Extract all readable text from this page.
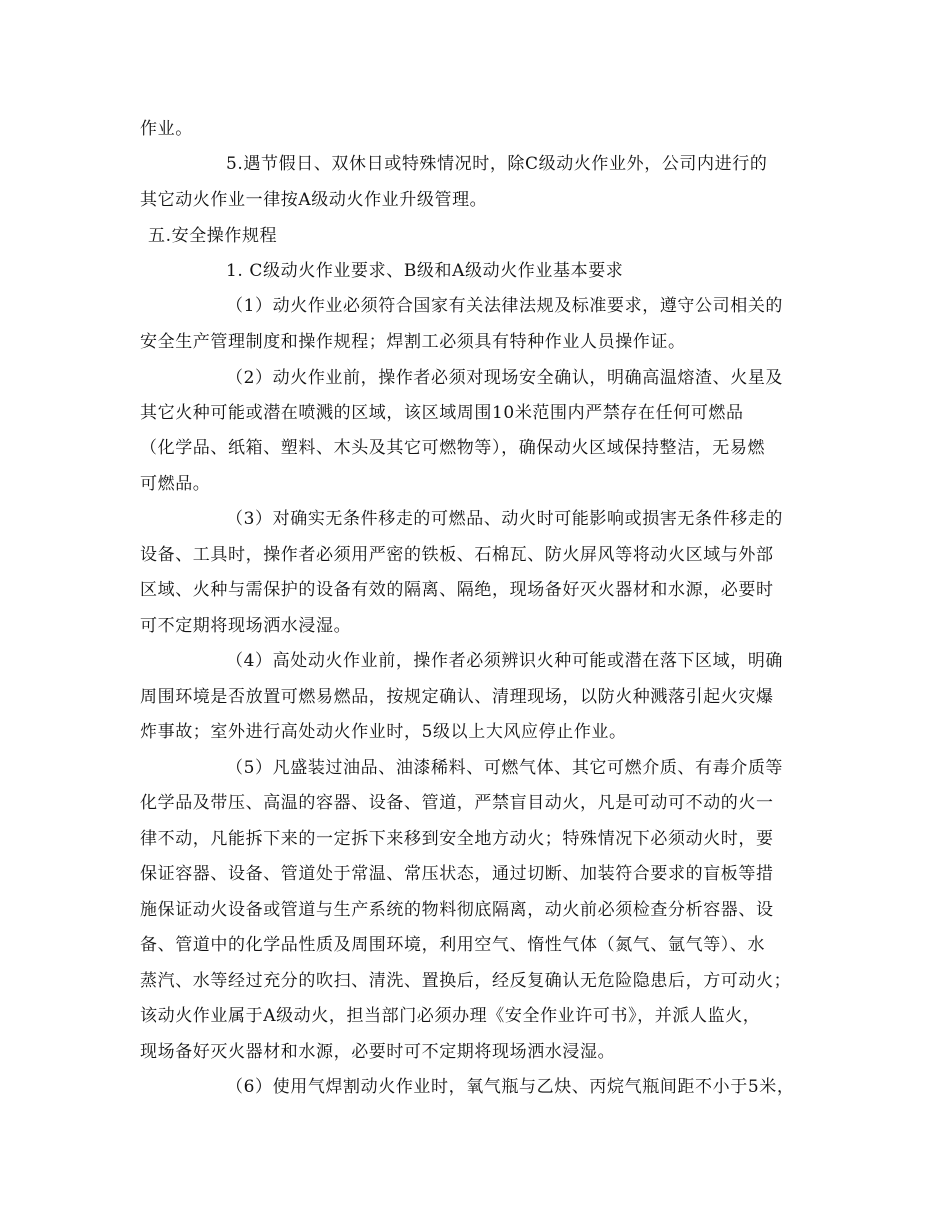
作业。
5.遇节假日、双休日或特殊情况时，除C级动火作业外，公司内进行的
其它动火作业一律按A级动火作业升级管理。
五.安全操作规程
1. C级动火作业要求、B级和A级动火作业基本要求
（1）动火作业必须符合国家有关法律法规及标准要求，遵守公司相关的
安全生产管理制度和操作规程；焊割工必须具有特种作业人员操作证。
（2）动火作业前，操作者必须对现场安全确认，明确高温熔渣、火星及
其它火种可能或潜在喷溅的区域，该区域周围10米范围内严禁存在任何可燃品
（化学品、纸箱、塑料、木头及其它可燃物等），确保动火区域保持整洁，无易燃
可燃品。
（3）对确实无条件移走的可燃品、动火时可能影响或损害无条件移走的
设备、工具时，操作者必须用严密的铁板、石棉瓦、防火屏风等将动火区域与外部
区域、火种与需保护的设备有效的隔离、隔绝，现场备好灭火器材和水源，必要时
可不定期将现场洒水浸湿。
（4）高处动火作业前，操作者必须辨识火种可能或潜在落下区域，明确
周围环境是否放置可燃易燃品，按规定确认、清理现场，以防火种溅落引起火灾爆
炸事故；室外进行高处动火作业时，5级以上大风应停止作业。
（5）凡盛装过油品、油漆稀料、可燃气体、其它可燃介质、有毒介质等
化学品及带压、高温的容器、设备、管道，严禁盲目动火，凡是可动可不动的火一
律不动，凡能拆下来的一定拆下来移到安全地方动火；特殊情况下必须动火时，要
保证容器、设备、管道处于常温、常压状态，通过切断、加装符合要求的盲板等措
施保证动火设备或管道与生产系统的物料彻底隔离，动火前必须检查分析容器、设
备、管道中的化学品性质及周围环境，利用空气、惰性气体（氮气、氩气等）、水
蒸汽、水等经过充分的吹扫、清洗、置换后，经反复确认无危险隐患后，方可动火；
该动火作业属于A级动火，担当部门必须办理《安全作业许可书》，并派人监火，
现场备好灭火器材和水源，必要时可不定期将现场洒水浸湿。
（6）使用气焊割动火作业时，氧气瓶与乙炔、丙烷气瓶间距不小于5米，
